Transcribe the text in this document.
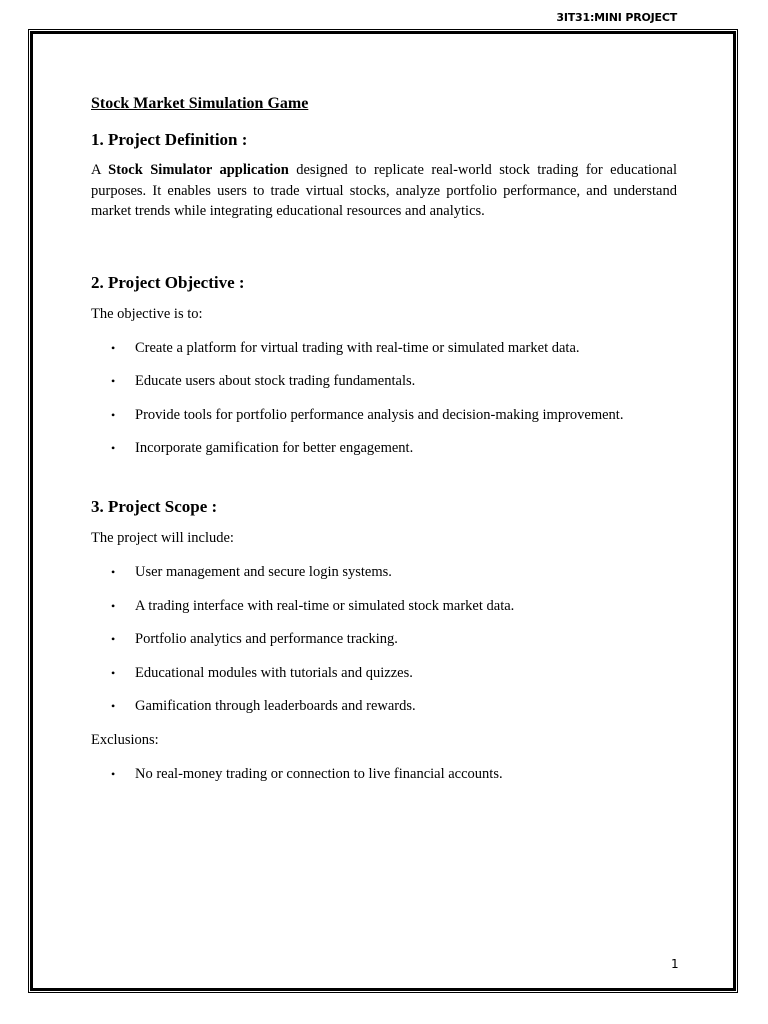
3IT31:MINI PROJECT
Stock Market Simulation Game
1. Project Definition :

A Stock Simulator application designed to replicate real-world stock trading for educational purposes. It enables users to trade virtual stocks, analyze portfolio performance, and understand market trends while integrating educational resources and analytics.

2. Project Objective :

The objective is to:

• Create a platform for virtual trading with real-time or simulated market data.
• Educate users about stock trading fundamentals.
• Provide tools for portfolio performance analysis and decision-making improvement.
• Incorporate gamification for better engagement.
3. Project Scope :

The project will include:

• User management and secure login systems.
• A trading interface with real-time or simulated stock market data.
• Portfolio analytics and performance tracking.
• Educational modules with tutorials and quizzes.
• Gamification through leaderboards and rewards.

Exclusions:

• No real-money trading or connection to live financial accounts.
1
